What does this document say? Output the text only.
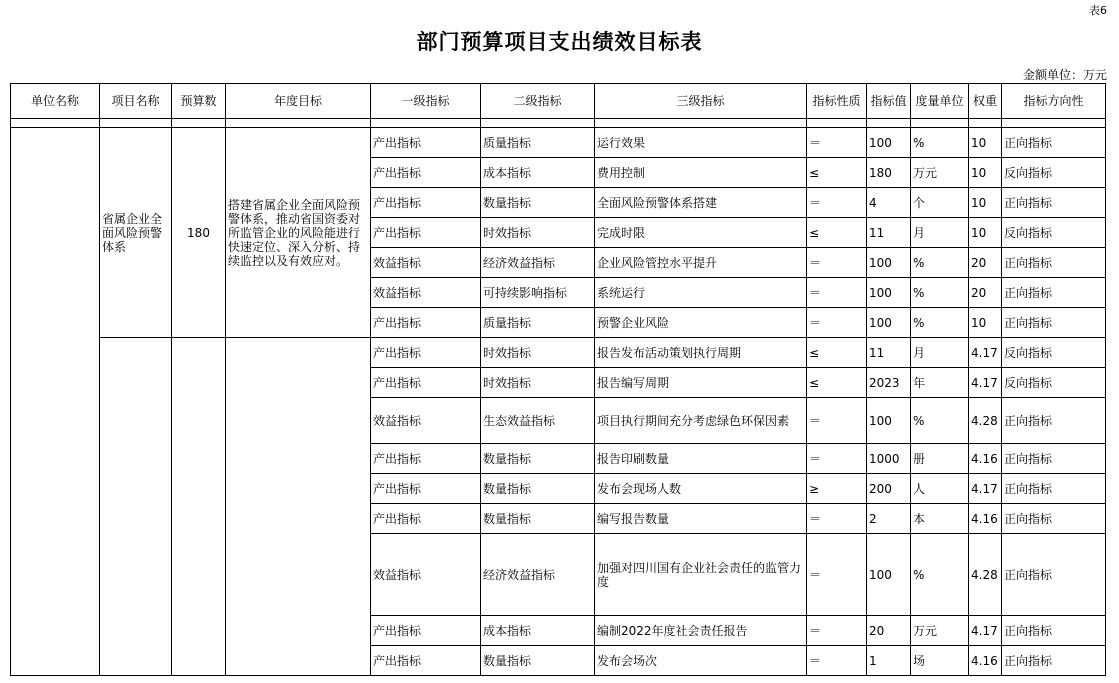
表6
部门预算项目支出绩效目标表
金额单位：万元
单位名称	项目名称	预算数	年度目标	一级指标	二级指标	三级指标	指标性质	指标值	度量单位	权重	指标方向性

	省属企业全面风险预警体系	180	搭建省属企业全面风险预警体系，推动省国资委对所监管企业的风险能进行快速定位、深入分析、持续监控以及有效应对。	产出指标	质量指标	运行效果	＝	100	%	10	正向指标
				产出指标	成本指标	费用控制	≤	180	万元	10	反向指标
				产出指标	数量指标	全面风险预警体系搭建	＝	4	个	10	正向指标
				产出指标	时效指标	完成时限	≤	11	月	10	反向指标
				效益指标	经济效益指标	企业风险管控水平提升	＝	100	%	20	正向指标
				效益指标	可持续影响指标	系统运行	＝	100	%	20	正向指标
				产出指标	质量指标	预警企业风险	＝	100	%	10	正向指标
				产出指标	时效指标	报告发布活动策划执行周期	≤	11	月	4.17	反向指标
				产出指标	时效指标	报告编写周期	≤	2023	年	4.17	反向指标
				效益指标	生态效益指标	项目执行期间充分考虑绿色环保因素	＝	100	%	4.28	正向指标
				产出指标	数量指标	报告印刷数量	＝	1000	册	4.16	正向指标
				产出指标	数量指标	发布会现场人数	≥	200	人	4.17	正向指标
				产出指标	数量指标	编写报告数量	＝	2	本	4.16	正向指标
				效益指标	经济效益指标	加强对四川国有企业社会责任的监管力度	＝	100	%	4.28	正向指标
				产出指标	成本指标	编制2022年度社会责任报告	＝	20	万元	4.17	正向指标
				产出指标	数量指标	发布会场次	＝	1	场	4.16	正向指标
